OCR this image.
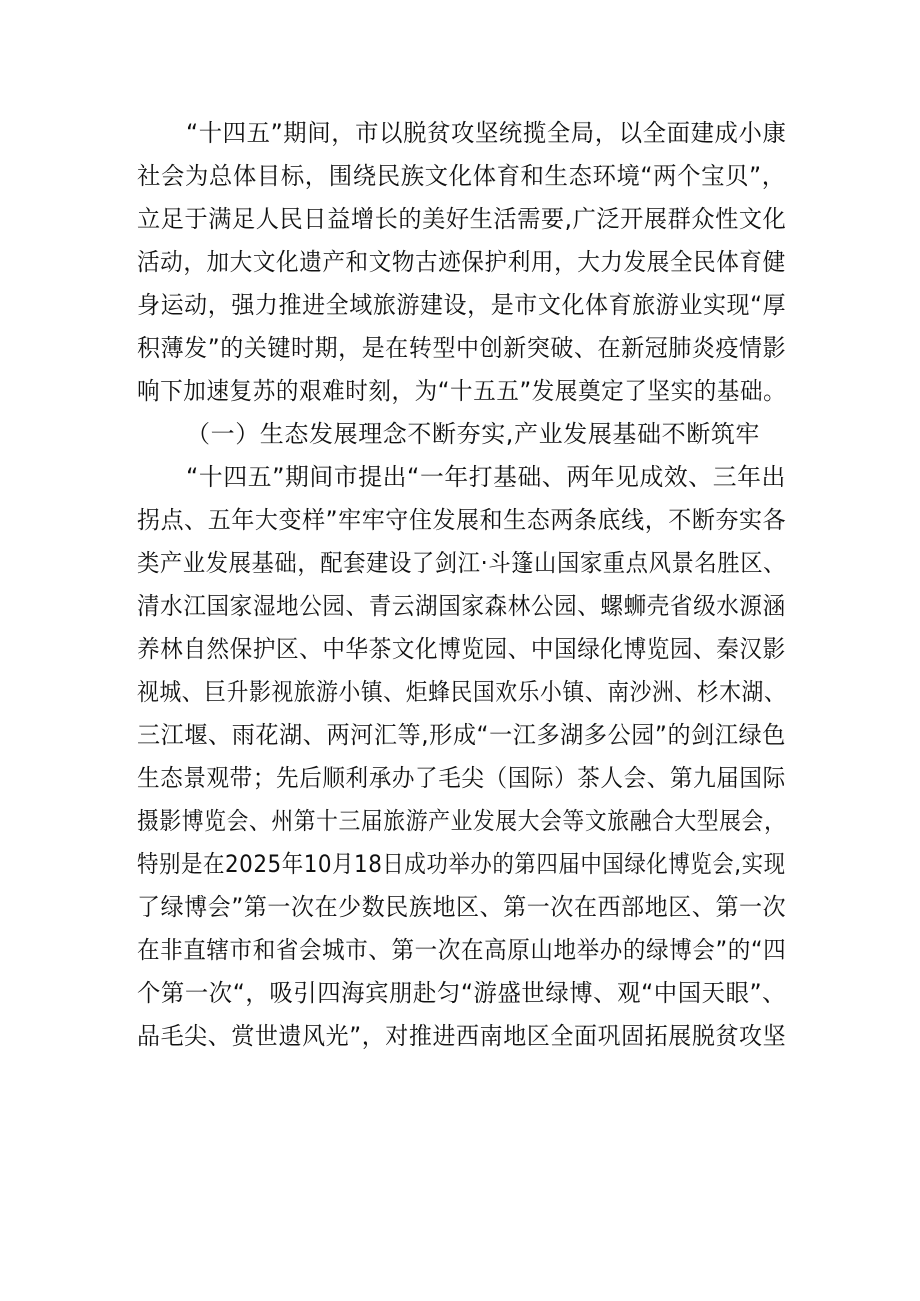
“十四五”期间，市以脱贫攻坚统揽全局，以全面建成小康
社会为总体目标，围绕民族文化体育和生态环境“两个宝贝”，
立足于满足人民日益增长的美好生活需要,广泛开展群众性文化
活动，加大文化遗产和文物古迹保护利用，大力发展全民体育健
身运动，强力推进全域旅游建设，是市文化体育旅游业实现“厚
积薄发”的关键时期，是在转型中创新突破、在新冠肺炎疫情影
响下加速复苏的艰难时刻，为“十五五”发展奠定了坚实的基础。
（一）生态发展理念不断夯实,产业发展基础不断筑牢
“十四五”期间市提出“一年打基础、两年见成效、三年出
拐点、五年大变样”牢牢守住发展和生态两条底线，不断夯实各
类产业发展基础，配套建设了剑江·斗篷山国家重点风景名胜区、
清水江国家湿地公园、青云湖国家森林公园、螺蛳壳省级水源涵
养林自然保护区、中华茶文化博览园、中国绿化博览园、秦汉影
视城、巨升影视旅游小镇、炬蜂民国欢乐小镇、南沙洲、杉木湖、
三江堰、雨花湖、两河汇等,形成“一江多湖多公园”的剑江绿色
生态景观带；先后顺利承办了毛尖（国际）茶人会、第九届国际
摄影博览会、州第十三届旅游产业发展大会等文旅融合大型展会，
特别是在2025年10月18日成功举办的第四届中国绿化博览会,实现
了绿博会”第一次在少数民族地区、第一次在西部地区、第一次
在非直辖市和省会城市、第一次在高原山地举办的绿博会”的“四
个第一次“，吸引四海宾朋赴匀“游盛世绿博、观“中国天眼”、
品毛尖、赏世遗风光”，对推进西南地区全面巩固拓展脱贫攻坚
